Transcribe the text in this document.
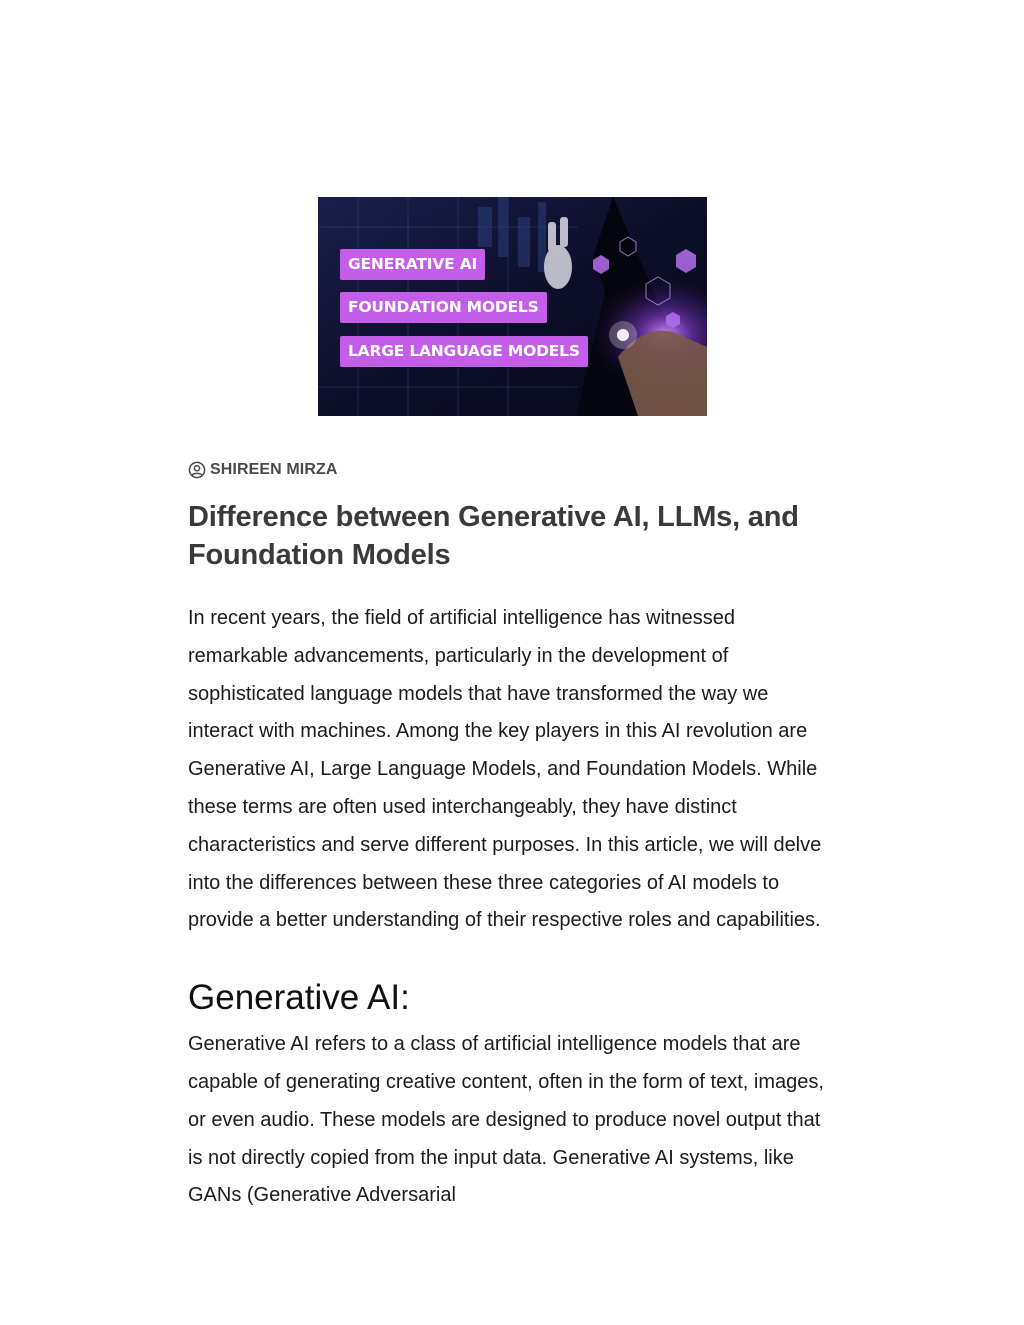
GENERATIVE AI
FOUNDATION MODELS
LARGE LANGUAGE MODELS
SHIREEN MIRZA
Difference between Generative AI, LLMs, and Foundation Models

In recent years, the field of artificial intelligence has witnessed remarkable advancements, particularly in the development of sophisticated language models that have transformed the way we interact with machines. Among the key players in this AI revolution are Generative AI, Large Language Models, and Foundation Models. While these terms are often used interchangeably, they have distinct characteristics and serve different purposes. In this article, we will delve into the differences between these three categories of AI models to provide a better understanding of their respective roles and capabilities.

Generative AI:

Generative AI refers to a class of artificial intelligence models that are capable of generating creative content, often in the form of text, images, or even audio. These models are designed to produce novel output that is not directly copied from the input data. Generative AI systems, like GANs (Generative Adversarial
